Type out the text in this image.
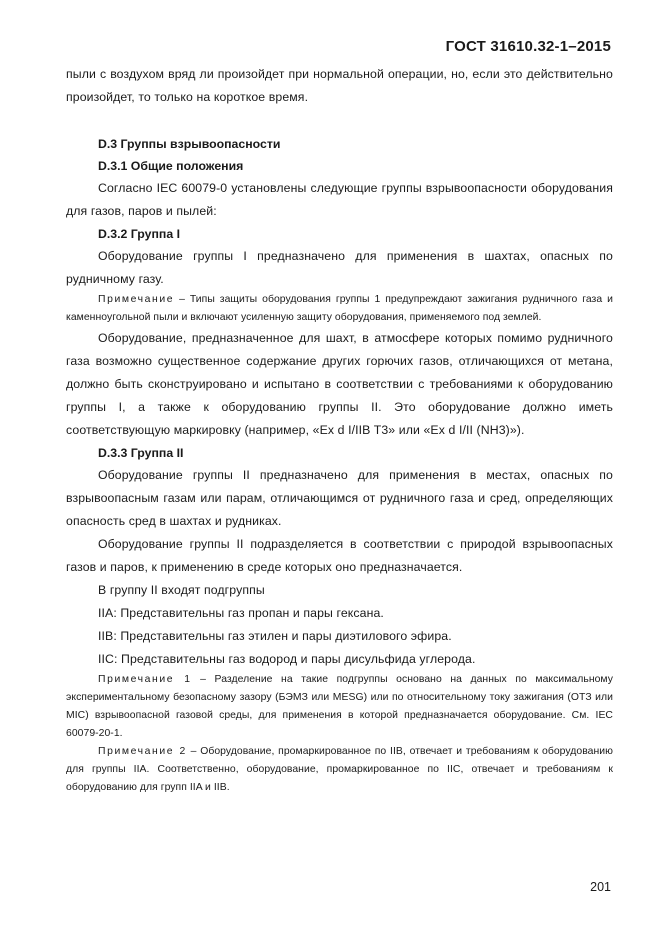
ГОСТ 31610.32-1–2015

пыли с воздухом вряд ли произойдет при нормальной операции, но, если это действительно произойдет, то только на короткое время.

D.3 Группы взрывоопасности

D.3.1 Общие положения

Согласно IEC 60079-0 установлены следующие группы взрывоопасности оборудования для газов, паров и пылей:

D.3.2 Группа I

Оборудование группы I предназначено для применения в шахтах, опасных по рудничному газу.

Примечание – Типы защиты оборудования группы 1 предупреждают зажигания рудничного газа и каменноугольной пыли и включают усиленную защиту оборудования, применяемого под землей.

Оборудование, предназначенное для шахт, в атмосфере которых помимо рудничного газа возможно существенное содержание других горючих газов, отличающихся от метана, должно быть сконструировано и испытано в соответствии с требованиями к оборудованию группы I, а также к оборудованию группы II. Это оборудование должно иметь соответствующую маркировку (например, «Ex d I/IIB T3» или «Ex d I/II (NH3)»).

D.3.3 Группа II

Оборудование группы II предназначено для применения в местах, опасных по взрывоопасным газам или парам, отличающимся от рудничного газа и сред, определяющих опасность сред в шахтах и рудниках.

Оборудование группы II подразделяется в соответствии с природой взрывоопасных газов и паров, к применению в среде которых оно предназначается.

В группу II входят подгруппы

IIA: Представительны газ пропан и пары гексана.

IIB: Представительны газ этилен и пары диэтилового эфира.

IIC: Представительны газ водород и пары дисульфида углерода.

Примечание 1 – Разделение на такие подгруппы основано на данных по максимальному экспериментальному безопасному зазору (БЭМЗ или MESG) или по относительному току зажигания (ОТЗ или MIC) взрывоопасной газовой среды, для применения в которой предназначается оборудование. См. IEC 60079-20-1.

Примечание 2 – Оборудование, промаркированное по IIB, отвечает и требованиям к оборудованию для группы IIA. Соответственно, оборудование, промаркированное по IIC, отвечает и требованиям к оборудованию для групп IIA и IIB.

201
